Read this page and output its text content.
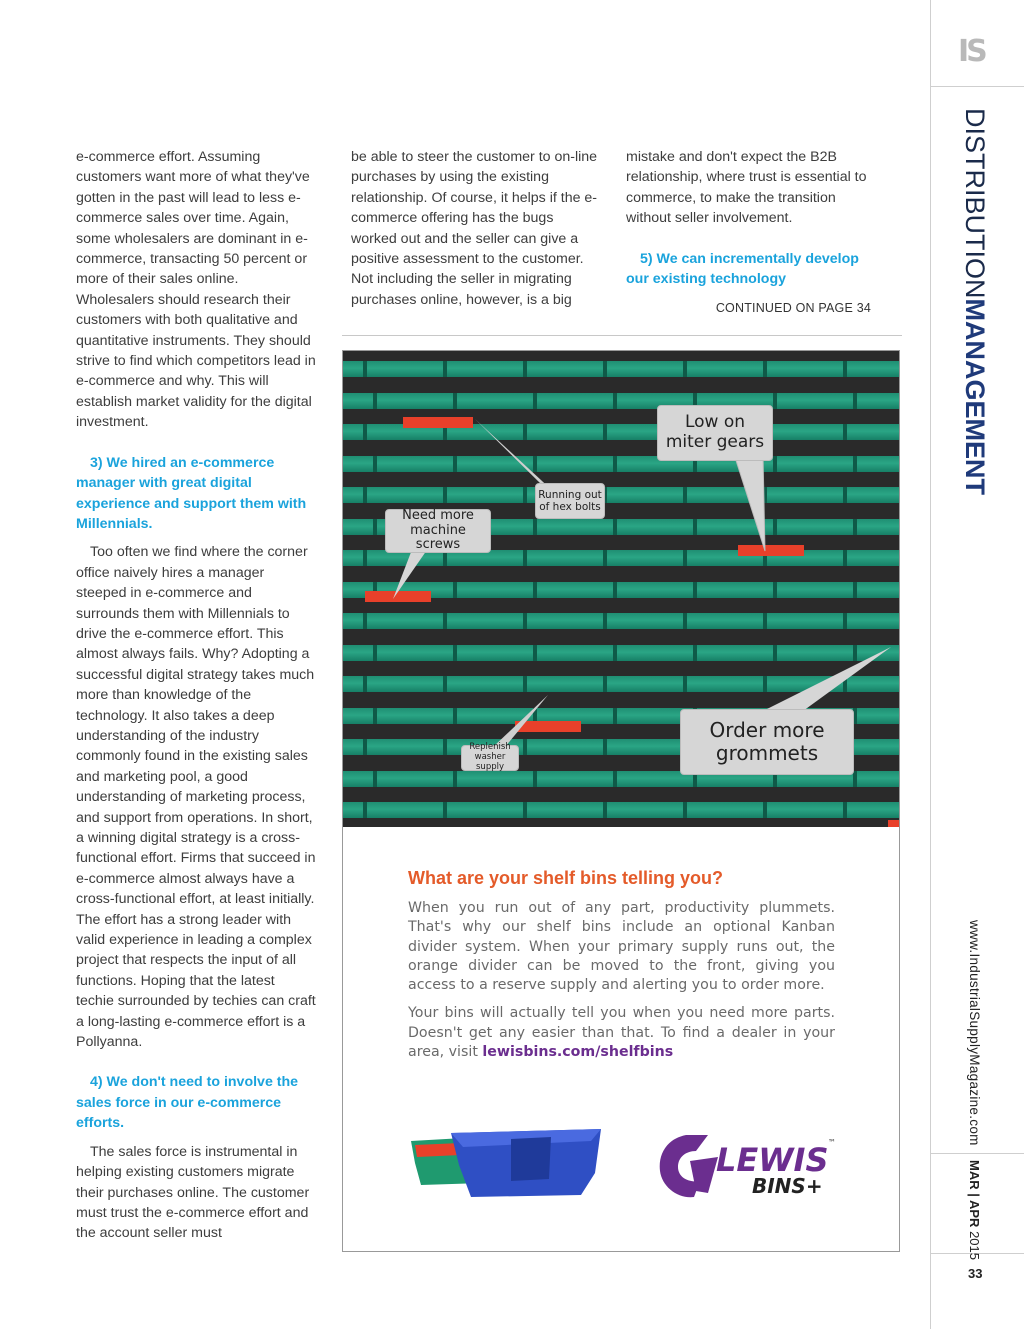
e-commerce effort. Assuming customers want more of what they've gotten in the past will lead to less e-commerce sales over time. Again, some wholesalers are dominant in e-commerce, transacting 50 percent or more of their sales online. Wholesalers should research their customers with both qualitative and quantitative instruments. They should strive to find which competitors lead in e-commerce and why. This will establish market validity for the digital investment.

3) We hired an e-commerce manager with great digital experience and support them with Millennials.

Too often we find where the corner office naively hires a manager steeped in e-commerce and surrounds them with Millennials to drive the e-commerce effort. This almost always fails. Why? Adopting a successful digital strategy takes much more than knowledge of the technology. It also takes a deep understanding of the industry commonly found in the existing sales and marketing pool, a good understanding of marketing process, and support from operations. In short, a winning digital strategy is a cross-functional effort. Firms that succeed in e-commerce almost always have a cross-functional effort, at least initially. The effort has a strong leader with valid experience in leading a complex project that respects the input of all functions. Hoping that the latest techie surrounded by techies can craft a long-lasting e-commerce effort is a Pollyanna.

4) We don't need to involve the sales force in our e-commerce efforts.

The sales force is instrumental in helping existing customers migrate their purchases online. The customer must trust the e-commerce effort and the account seller must

be able to steer the customer to on-line purchases by using the existing relationship. Of course, it helps if the e-commerce offering has the bugs worked out and the seller can give a positive assessment to the customer. Not including the seller in migrating purchases online, however, is a big

mistake and don't expect the B2B relationship, where trust is essential to commerce, to make the transition without seller involvement.

5) We can incrementally develop our existing technology
CONTINUED ON PAGE 34
IS
DISTRIBUTIONMANAGEMENT
www.IndustrialSupplyMagazine.com
MAR | APR 2015
33
Low on
miter gears
Running out
of hex bolts
Need more
machine screws
Order more
grommets
Replenish
washer supply
What are your shelf bins telling you?

When you run out of any part, productivity plummets. That's why our shelf bins include an optional Kanban divider system. When your primary supply runs out, the orange divider can be moved to the front, giving you access to a reserve supply and alerting you to order more.

Your bins will actually tell you when you need more parts. Doesn't get any easier than that. To find a dealer in your area, visit lewisbins.com/shelfbins

LEWIS
BINS+
™
